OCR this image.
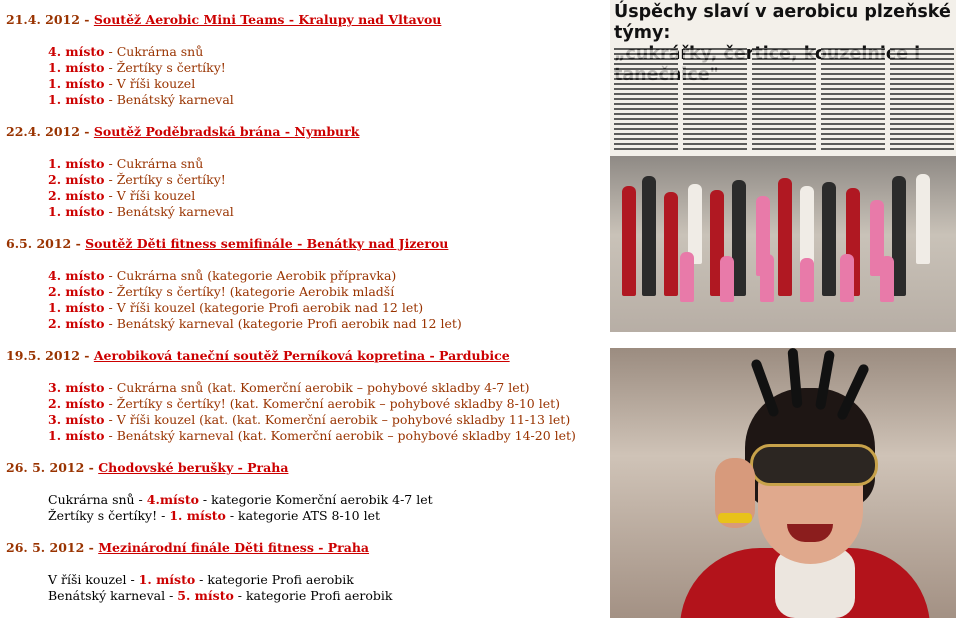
21.4. 2012 - Soutěž Aerobic Mini Teams - Kralupy nad Vltavou
4. místo - Cukrárna snů
1. místo - Žertíky s čertíky!
1. místo - V říši kouzel
1. místo - Benátský karneval
22.4. 2012 - Soutěž Poděbradská brána - Nymburk
1. místo - Cukrárna snů
2. místo - Žertíky s čertíky!
2. místo - V říši kouzel
1. místo - Benátský karneval
6.5. 2012 - Soutěž Děti fitness semifinále - Benátky nad Jizerou
4. místo - Cukrárna snů (kategorie Aerobik přípravka)
2. místo - Žertíky s čertíky! (kategorie Aerobik mladší
1. místo - V říši kouzel (kategorie Profi aerobik nad 12 let)
2. místo - Benátský karneval (kategorie Profi aerobik nad 12 let)
19.5. 2012 - Aerobiková taneční soutěž Perníková kopretina - Pardubice
3. místo - Cukrárna snů (kat. Komerční aerobik – pohybové skladby 4-7 let)
2. místo - Žertíky s čertíky! (kat. Komerční aerobik – pohybové skladby 8-10 let)
3. místo - V říši kouzel (kat. (kat. Komerční aerobik – pohybové skladby 11-13 let)
1. místo - Benátský karneval (kat. Komerční aerobik – pohybové skladby 14-20 let)
26. 5. 2012 - Chodovské berušky - Praha
Cukrárna snů - 4.místo - kategorie Komerční aerobik 4-7 let
Žertíky s čertíky! - 1. místo - kategorie ATS 8-10 let
26. 5. 2012 - Mezinárodní finále Děti fitness - Praha
V říši kouzel - 1. místo - kategorie Profi aerobik
Benátský karneval - 5. místo - kategorie Profi aerobik
Úspěchy slaví v aerobicu plzeňské týmy:
